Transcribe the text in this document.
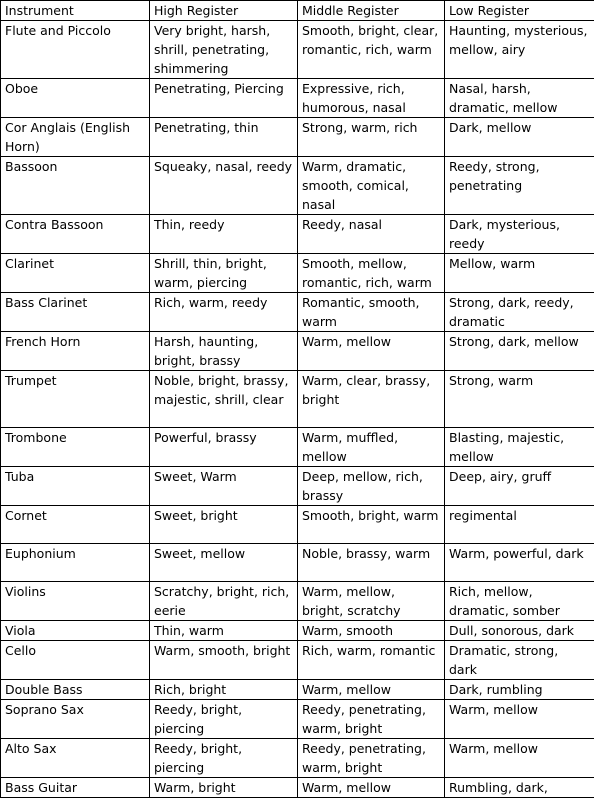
Instrument	High Register	Middle Register	Low Register
Flute and Piccolo	Very bright, harsh, shrill, penetrating, shimmering	Smooth, bright, clear, romantic, rich, warm	Haunting, mysterious, mellow, airy
Oboe	Penetrating, Piercing	Expressive, rich, humorous, nasal	Nasal, harsh, dramatic, mellow
Cor Anglais (English Horn)	Penetrating, thin	Strong, warm, rich	Dark, mellow
Bassoon	Squeaky, nasal, reedy	Warm, dramatic, smooth, comical, nasal	Reedy, strong, penetrating
Contra Bassoon	Thin, reedy	Reedy, nasal	Dark, mysterious, reedy
Clarinet	Shrill, thin, bright, warm, piercing	Smooth, mellow, romantic, rich, warm	Mellow, warm
Bass Clarinet	Rich, warm, reedy	Romantic, smooth, warm	Strong, dark, reedy, dramatic
French Horn	Harsh, haunting, bright, brassy	Warm, mellow	Strong, dark, mellow
Trumpet	Noble, bright, brassy, majestic, shrill, clear	Warm, clear, brassy, bright	Strong, warm
Trombone	Powerful, brassy	Warm, muffled, mellow	Blasting, majestic, mellow
Tuba	Sweet, Warm	Deep, mellow, rich, brassy	Deep, airy, gruff
Cornet	Sweet, bright	Smooth, bright, warm	regimental
Euphonium	Sweet, mellow	Noble, brassy, warm	Warm, powerful, dark
Violins	Scratchy, bright, rich, eerie	Warm, mellow, bright, scratchy	Rich, mellow, dramatic, somber
Viola	Thin, warm	Warm, smooth	Dull, sonorous, dark
Cello	Warm, smooth, bright	Rich, warm, romantic	Dramatic, strong, dark
Double Bass	Rich, bright	Warm, mellow	Dark, rumbling
Soprano Sax	Reedy, bright, piercing	Reedy, penetrating, warm, bright	Warm, mellow
Alto Sax	Reedy, bright, piercing	Reedy, penetrating, warm, bright	Warm, mellow
Bass Guitar	Warm, bright	Warm, mellow	Rumbling, dark,
